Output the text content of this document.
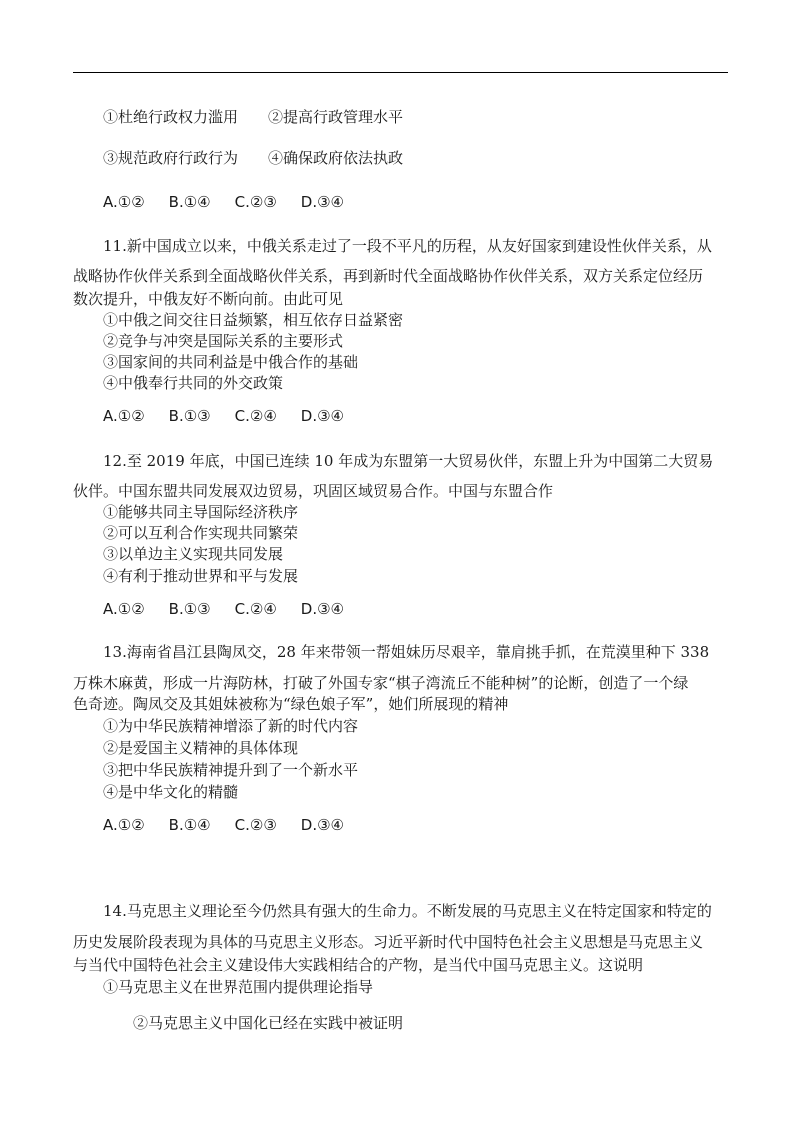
①杜绝行政权力滥用　　②提高行政管理水平
③规范政府行政行为　　④确保政府依法执政
A.①② B.①④ C.②③ D.③④
11.新中国成立以来，中俄关系走过了一段不平凡的历程，从友好国家到建设性伙伴关系，从
战略协作伙伴关系到全面战略伙伴关系，再到新时代全面战略协作伙伴关系，双方关系定位经历
数次提升，中俄友好不断向前。由此可见
①中俄之间交往日益频繁，相互依存日益紧密
②竞争与冲突是国际关系的主要形式
③国家间的共同利益是中俄合作的基础
④中俄奉行共同的外交政策
A.①② B.①③ C.②④ D.③④
12.至 2019 年底，中国已连续 10 年成为东盟第一大贸易伙伴，东盟上升为中国第二大贸易
伙伴。中国东盟共同发展双边贸易，巩固区域贸易合作。中国与东盟合作
①能够共同主导国际经济秩序
②可以互利合作实现共同繁荣
③以单边主义实现共同发展
④有利于推动世界和平与发展
A.①② B.①③ C.②④ D.③④
13.海南省昌江县陶凤交，28 年来带领一帮姐妹历尽艰辛，靠肩挑手抓，在荒漠里种下 338
万株木麻黄，形成一片海防林，打破了外国专家“棋子湾流丘不能种树”的论断，创造了一个绿
色奇迹。陶凤交及其姐妹被称为“绿色娘子军”，她们所展现的精神
①为中华民族精神增添了新的时代内容
②是爱国主义精神的具体体现
③把中华民族精神提升到了一个新水平
④是中华文化的精髓
A.①② B.①④ C.②③ D.③④
14.马克思主义理论至今仍然具有强大的生命力。不断发展的马克思主义在特定国家和特定的
历史发展阶段表现为具体的马克思主义形态。习近平新时代中国特色社会主义思想是马克思主义
与当代中国特色社会主义建设伟大实践相结合的产物，是当代中国马克思主义。这说明
①马克思主义在世界范围内提供理论指导
②马克思主义中国化已经在实践中被证明
